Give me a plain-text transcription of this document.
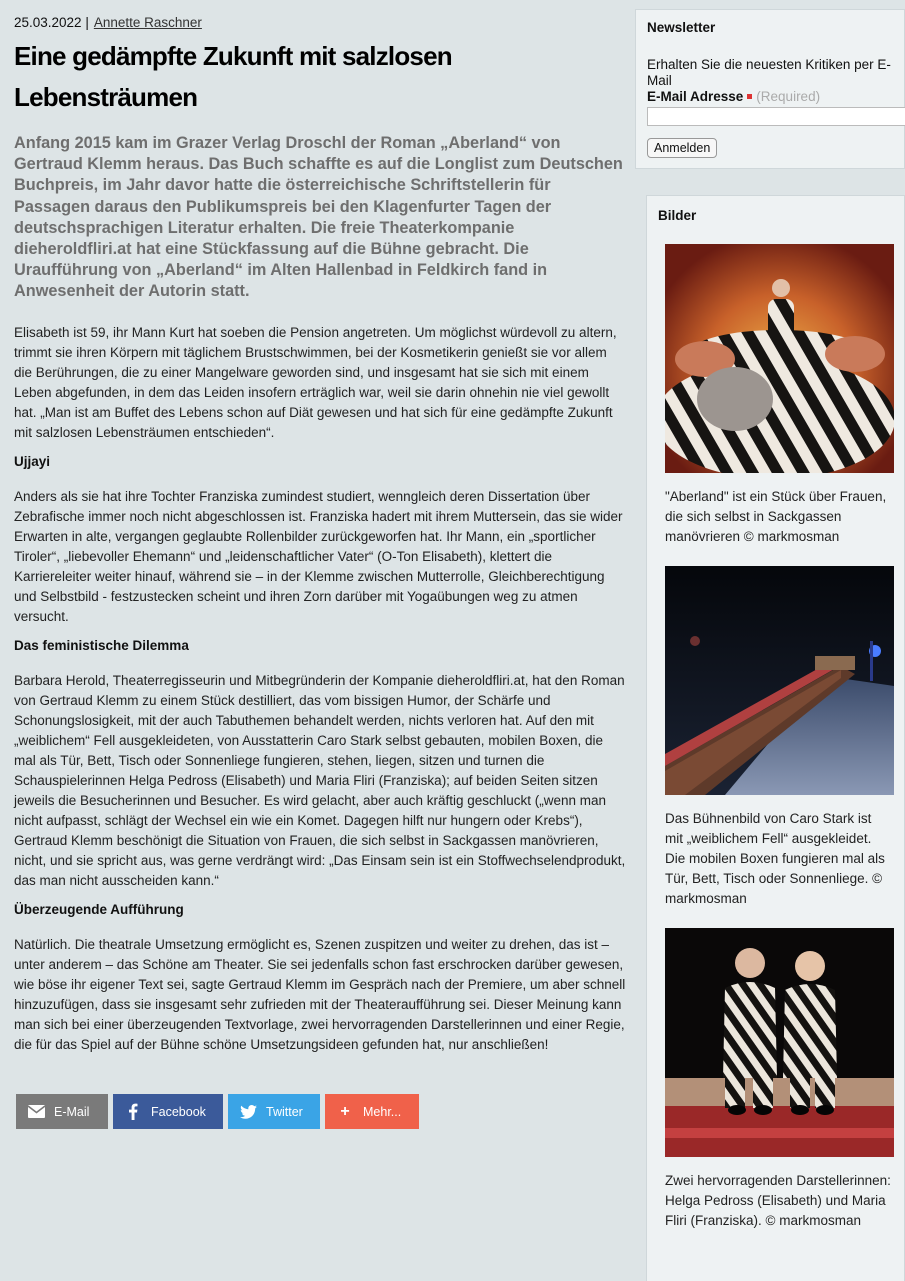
25.03.2022 | Annette Raschner
Eine gedämpfte Zukunft mit salzlosen Lebensträumen

Anfang 2015 kam im Grazer Verlag Droschl der Roman „Aberland“ von Gertraud Klemm heraus. Das Buch schaffte es auf die Longlist zum Deutschen Buchpreis, im Jahr davor hatte die österreichische Schriftstellerin für Passagen daraus den Publikumspreis bei den Klagenfurter Tagen der deutschsprachigen Literatur erhalten. Die freie Theaterkompanie dieheroldfliri.at hat eine Stückfassung auf die Bühne gebracht. Die Uraufführung von „Aberland“ im Alten Hallenbad in Feldkirch fand in Anwesenheit der Autorin statt.

Elisabeth ist 59, ihr Mann Kurt hat soeben die Pension angetreten. Um möglichst würdevoll zu altern, trimmt sie ihren Körpern mit täglichem Brustschwimmen, bei der Kosmetikerin genießt sie vor allem die Berührungen, die zu einer Mangelware geworden sind, und insgesamt hat sie sich mit einem Leben abgefunden, in dem das Leiden insofern erträglich war, weil sie darin ohnehin nie viel gewollt hat. „Man ist am Buffet des Lebens schon auf Diät gewesen und hat sich für eine gedämpfte Zukunft mit salzlosen Lebensträumen entschieden“.

Ujjayi

Anders als sie hat ihre Tochter Franziska zumindest studiert, wenngleich deren Dissertation über Zebrafische immer noch nicht abgeschlossen ist. Franziska hadert mit ihrem Muttersein, das sie wider Erwarten in alte, vergangen geglaubte Rollenbilder zurückgeworfen hat. Ihr Mann, ein „sportlicher Tiroler“, „liebevoller Ehemann“ und „leidenschaftlicher Vater“ (O-Ton Elisabeth), klettert die Karriereleiter weiter hinauf, während sie – in der Klemme zwischen Mutterrolle, Gleichberechtigung und Selbstbild - festzustecken scheint und ihren Zorn darüber mit Yogaübungen weg zu atmen versucht.

Das feministische Dilemma

Barbara Herold, Theaterregisseurin und Mitbegründerin der Kompanie dieheroldfliri.at, hat den Roman von Gertraud Klemm zu einem Stück destilliert, das vom bissigen Humor, der Schärfe und Schonungslosigkeit, mit der auch Tabuthemen behandelt werden, nichts verloren hat. Auf den mit „weiblichem“ Fell ausgekleideten, von Ausstatterin Caro Stark selbst gebauten, mobilen Boxen, die mal als Tür, Bett, Tisch oder Sonnenliege fungieren, stehen, liegen, sitzen und turnen die Schauspielerinnen Helga Pedross (Elisabeth) und Maria Fliri (Franziska); auf beiden Seiten sitzen jeweils die Besucherinnen und Besucher. Es wird gelacht, aber auch kräftig geschluckt („wenn man nicht aufpasst, schlägt der Wechsel ein wie ein Komet. Dagegen hilft nur hungern oder Krebs“), Gertraud Klemm beschönigt die Situation von Frauen, die sich selbst in Sackgassen manövrieren, nicht, und sie spricht aus, was gerne verdrängt wird: „Das Einsam sein ist ein Stoffwechselendprodukt, das man nicht ausscheiden kann.“

Überzeugende Aufführung

Natürlich. Die theatrale Umsetzung ermöglicht es, Szenen zuspitzen und weiter zu drehen, das ist – unter anderem – das Schöne am Theater. Sie sei jedenfalls schon fast erschrocken darüber gewesen, wie böse ihr eigener Text sei, sagte Gertraud Klemm im Gespräch nach der Premiere, um aber schnell hinzuzufügen, dass sie insgesamt sehr zufrieden mit der Theateraufführung sei. Dieser Meinung kann man sich bei einer überzeugenden Textvorlage, zwei hervorragenden Darstellerinnen und einer Regie, die für das Spiel auf der Bühne schöne Umsetzungsideen gefunden hat, nur anschließen!

E-Mail	Facebook	Twitter	+	Mehr...
Newsletter
Erhalten Sie die neuesten Kritiken per E-Mail
E-Mail Adresse (Required)
Anmelden
Bilder
"Aberland" ist ein Stück über Frauen, die sich selbst in Sackgassen manövrieren © markmosman
Das Bühnenbild von Caro Stark ist mit „weiblichem Fell“ ausgekleidet. Die mobilen Boxen fungieren mal als Tür, Bett, Tisch oder Sonnenliege. © markmosman
Zwei hervorragenden Darstellerinnen: Helga Pedross (Elisabeth) und Maria Fliri (Franziska). © markmosman
